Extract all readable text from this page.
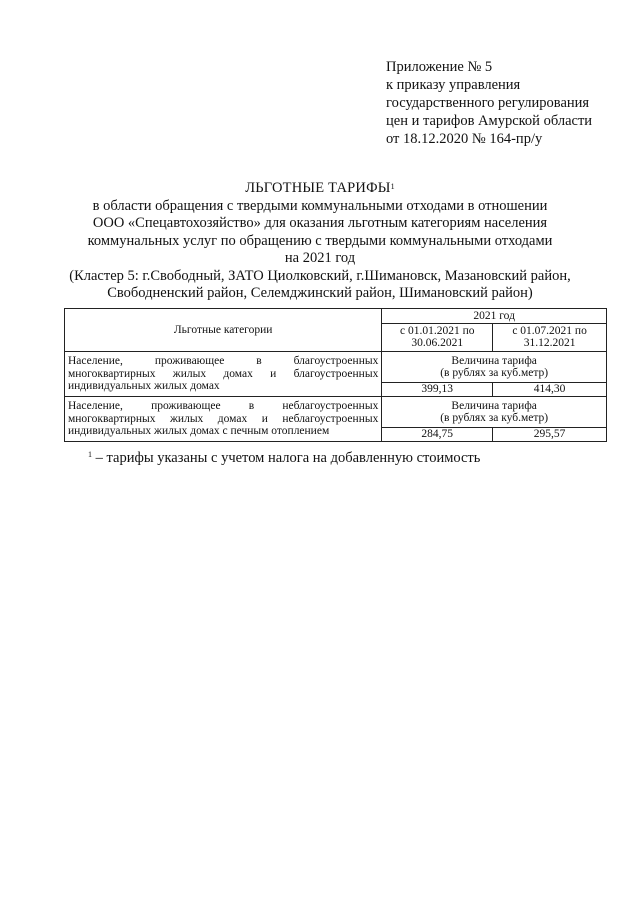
Приложение № 5
к приказу управления
государственного регулирования
цен и тарифов Амурской области
от 18.12.2020 № 164-пр/у
ЛЬГОТНЫЕ ТАРИФЫ$^1$
в области обращения с твердыми коммунальными отходами в отношении
ООО «Спецавтохозяйство» для оказания льготным категориям населения
коммунальных услуг по обращению с твердыми коммунальными отходами
на 2021 год
(Кластер 5: г.Свободный, ЗАТО Циолковский, г.Шимановск, Мазановский район,
Свободненский район, Селемджинский район, Шимановский район)
Льготные категории	2021 год	
	с 01.01.2021 по 30.06.2021	с 01.07.2021 по 31.12.2021
Население, проживающее в благоустроенных многоквартирных жилых домах и благоустроенных индивидуальных жилых домах	Величина тарифа
(в рублях за куб.метр)	

	399,13	414,30
Население, проживающее в неблагоустроенных многоквартирных жилых домах и неблагоустроенных индивидуальных жилых домах с печным отоплением	Величина тарифа
(в рублях за куб.метр)	

	284,75	295,57
$^1$ – тарифы указаны с учетом налога на добавленную стоимость
